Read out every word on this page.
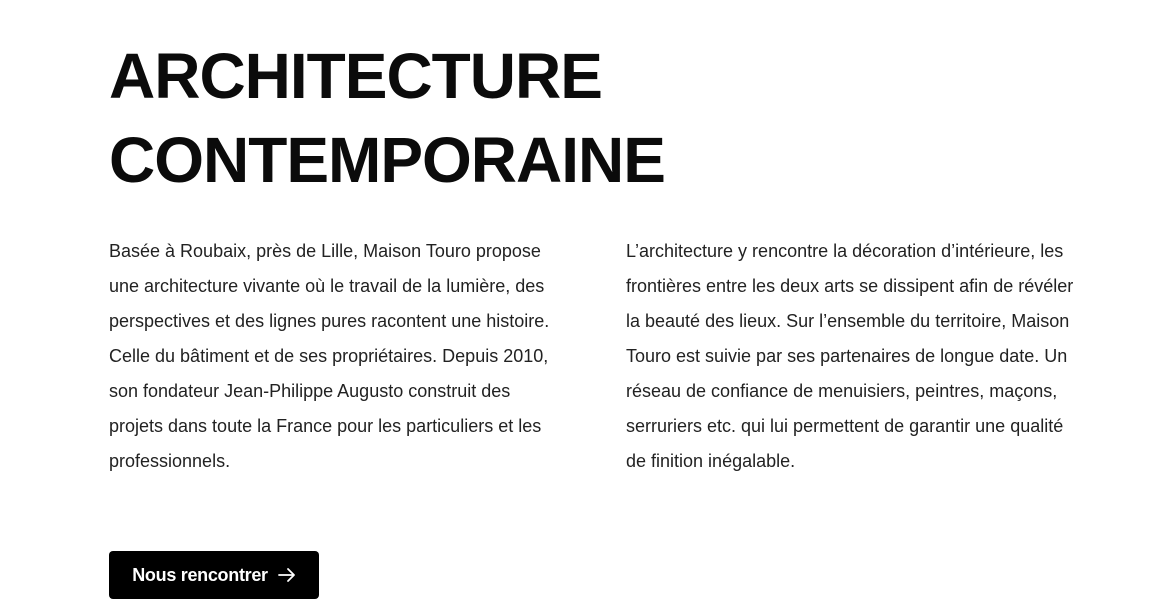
ARCHITECTURE
CONTEMPORAINE

Basée à Roubaix, près de Lille, Maison Touro propose une architecture vivante où le travail de la lumière, des perspectives et des lignes pures racontent une histoire. Celle du bâtiment et de ses propriétaires. Depuis 2010, son fondateur Jean-Philippe Augusto construit des projets dans toute la France pour les particuliers et les professionnels.

L’architecture y rencontre la décoration d’intérieure, les frontières entre les deux arts se dissipent afin de révéler la beauté des lieux. Sur l’ensemble du territoire, Maison Touro est suivie par ses partenaires de longue date. Un réseau de confiance de menuisiers, peintres, maçons, serruriers etc. qui lui permettent de garantir une qualité de finition inégalable.

Nous rencontrer
